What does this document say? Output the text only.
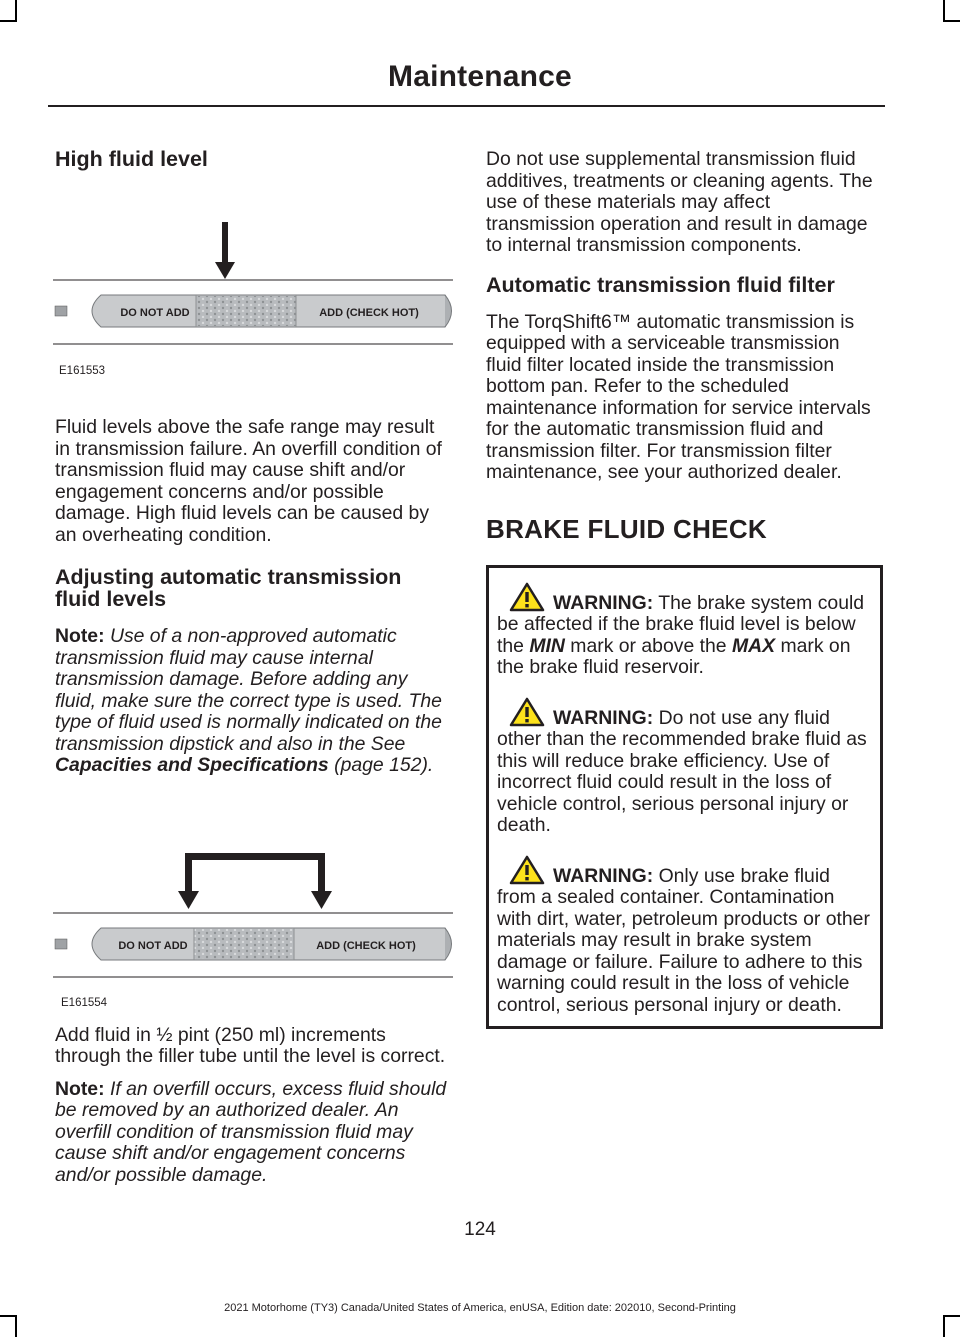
Maintenance
High fluid level
DO NOT ADD	ADD (CHECK HOT)
E161553

Fluid levels above the safe range may result in transmission failure. An overfill condition of transmission fluid may cause shift and/or engagement concerns and/or possible damage. High fluid levels can be caused by an overheating condition.

Adjusting automatic transmission fluid levels

Note: Use of a non-approved automatic transmission fluid may cause internal transmission damage. Before adding any fluid, make sure the correct type is used. The type of fluid used is normally indicated on the transmission dipstick and also in the See Capacities and Specifications (page 152).

DO NOT ADD	ADD (CHECK HOT)
E161554

Add fluid in ½ pint (250 ml) increments through the filler tube until the level is correct.

Note: If an overfill occurs, excess fluid should be removed by an authorized dealer. An overfill condition of transmission fluid may cause shift and/or engagement concerns and/or possible damage.

Do not use supplemental transmission fluid additives, treatments or cleaning agents. The use of these materials may affect transmission operation and result in damage to internal transmission components.

Automatic transmission fluid filter

The TorqShift6™ automatic transmission is equipped with a serviceable transmission fluid filter located inside the transmission bottom pan. Refer to the scheduled maintenance information for service intervals for the automatic transmission fluid and transmission filter. For transmission filter maintenance, see your authorized dealer.

BRAKE FLUID CHECK

WARNING: The brake system could be affected if the brake fluid level is below the MIN mark or above the MAX mark on the brake fluid reservoir.

WARNING: Do not use any fluid other than the recommended brake fluid as this will reduce brake efficiency. Use of incorrect fluid could result in the loss of vehicle control, serious personal injury or death.

WARNING: Only use brake fluid from a sealed container. Contamination with dirt, water, petroleum products or other materials may result in brake system damage or failure. Failure to adhere to this warning could result in the loss of vehicle control, serious personal injury or death.

124
2021 Motorhome (TY3) Canada/United States of America, enUSA, Edition date: 202010, Second-Printing
